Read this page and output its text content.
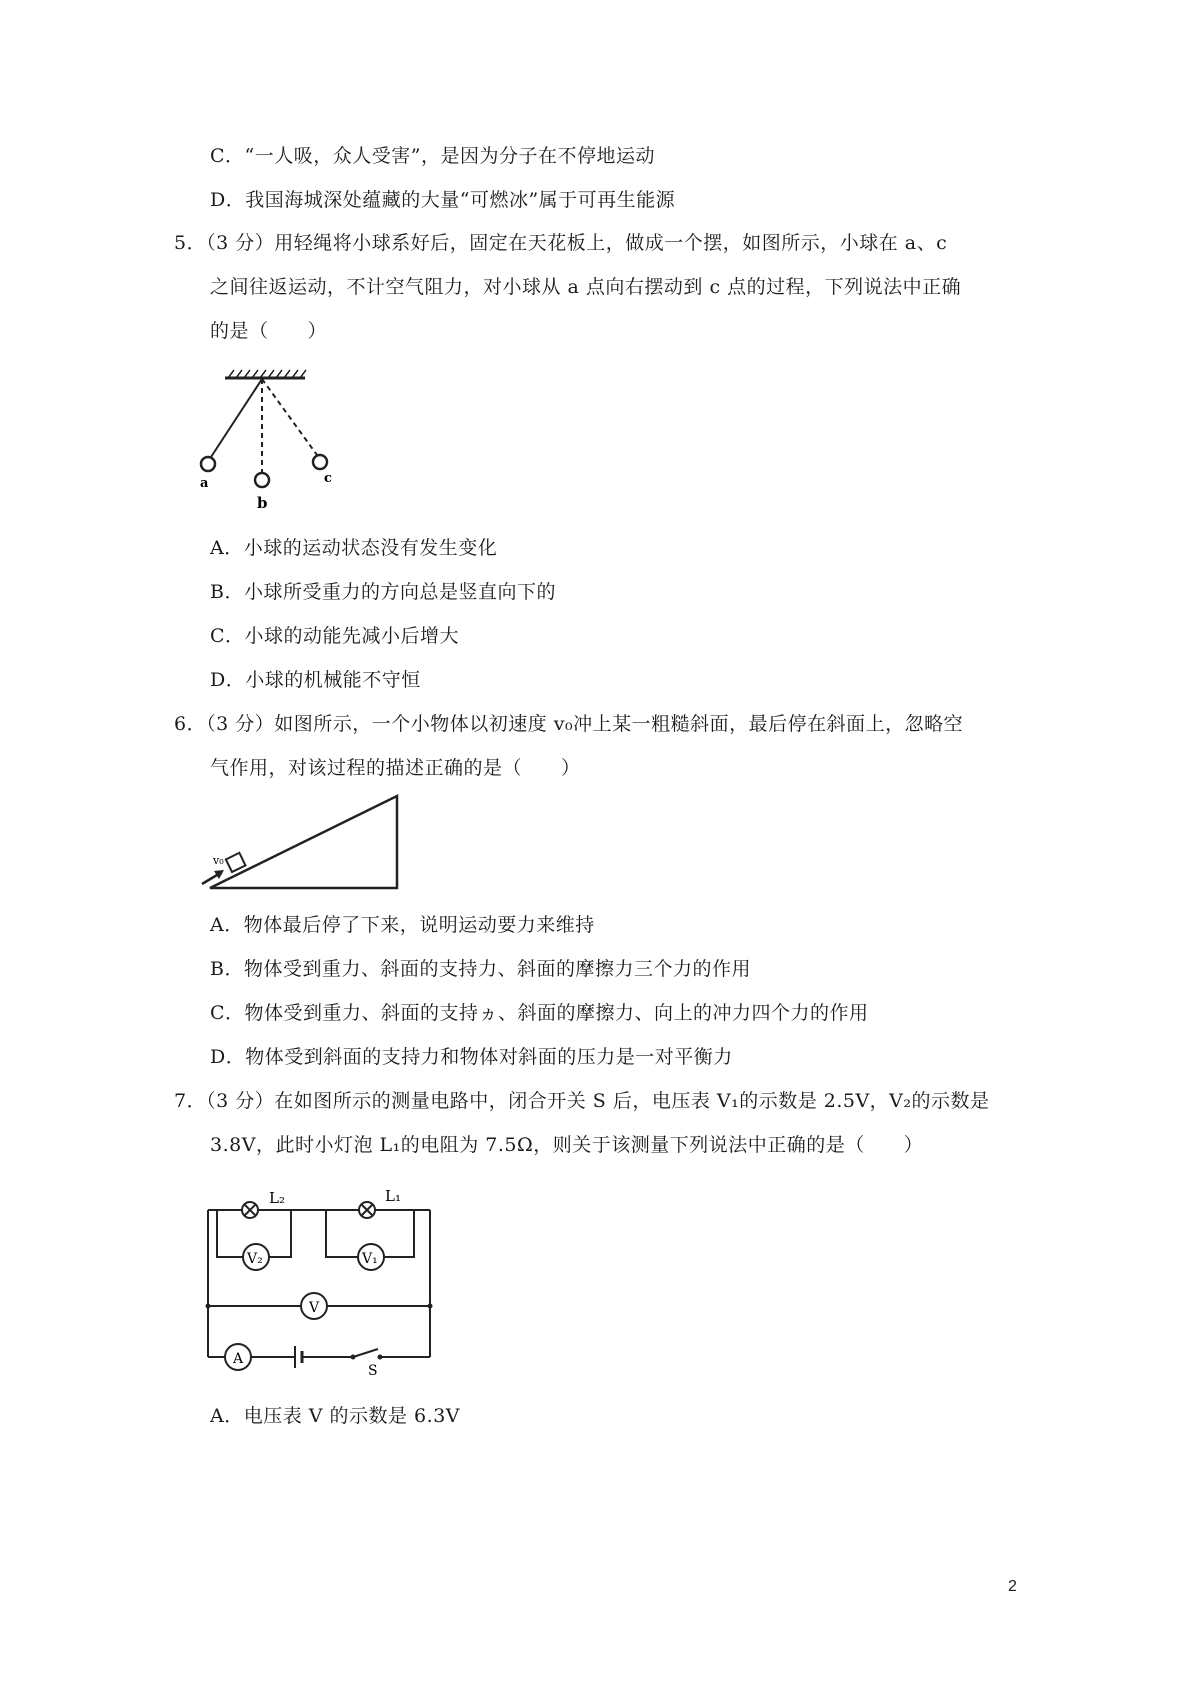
C．“一人吸，众人受害”，是因为分子在不停地运动
D．我国海城深处蕴藏的大量“可燃冰”属于可再生能源
5．（3 分）用轻绳将小球系好后，固定在天花板上，做成一个摆，如图所示，小球在 a、c
之间往返运动，不计空气阻力，对小球从 a 点向右摆动到 c 点的过程，下列说法中正确
的是（　　）
a
b
c
A．小球的运动状态没有发生变化
B．小球所受重力的方向总是竖直向下的
C．小球的动能先减小后增大
D．小球的机械能不守恒
6．（3 分）如图所示，一个小物体以初速度 v₀冲上某一粗糙斜面，最后停在斜面上，忽略空
气作用，对该过程的描述正确的是（　　）
v₀
A．物体最后停了下来，说明运动要力来维持
B．物体受到重力、斜面的支持力、斜面的摩擦力三个力的作用
C．物体受到重力、斜面的支持ヵ、斜面的摩擦力、向上的冲力四个力的作用
D．物体受到斜面的支持力和物体对斜面的压力是一对平衡力
7．（3 分）在如图所示的测量电路中，闭合开关 S 后，电压表 V₁的示数是 2.5V，V₂的示数是
3.8V，此时小灯泡 L₁的电阻为 7.5Ω，则关于该测量下列说法中正确的是（　　）
L₂	L₁
V₂	V₁
V
A
S
A．电压表 V 的示数是 6.3V
2
